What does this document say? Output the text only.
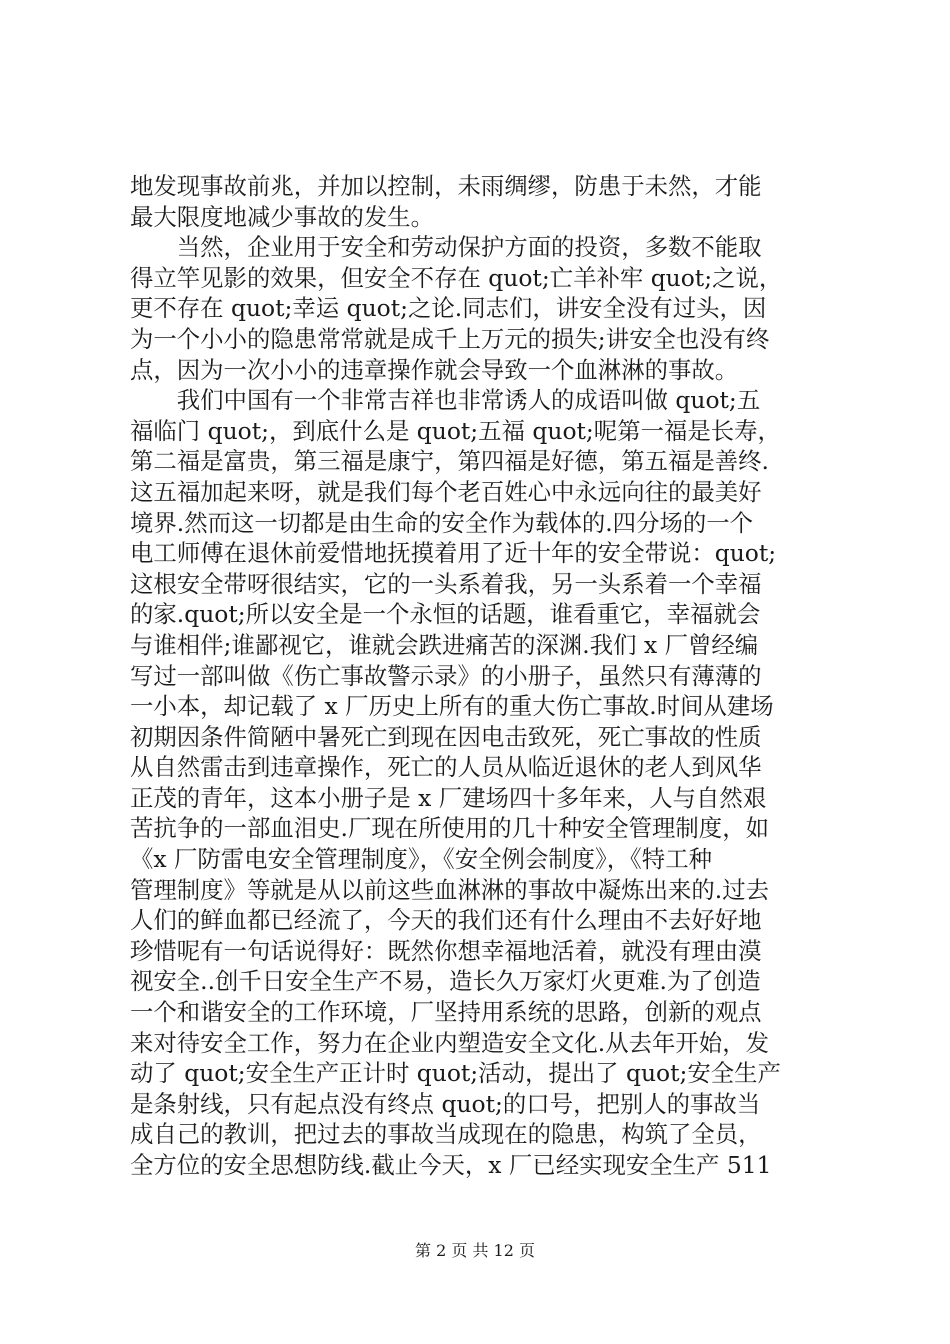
地发现事故前兆，并加以控制，未雨绸缪，防患于未然，才能
最大限度地减少事故的发生。
　　当然，企业用于安全和劳动保护方面的投资，多数不能取
得立竿见影的效果，但安全不存在 quot;亡羊补牢 quot;之说，
更不存在 quot;幸运 quot;之论.同志们，讲安全没有过头，因
为一个小小的隐患常常就是成千上万元的损失;讲安全也没有终
点，因为一次小小的违章操作就会导致一个血淋淋的事故。
　　我们中国有一个非常吉祥也非常诱人的成语叫做 quot;五
福临门 quot;，到底什么是 quot;五福 quot;呢第一福是长寿，
第二福是富贵，第三福是康宁，第四福是好德，第五福是善终.
这五福加起来呀，就是我们每个老百姓心中永远向往的最美好
境界.然而这一切都是由生命的安全作为载体的.四分场的一个
电工师傅在退休前爱惜地抚摸着用了近十年的安全带说：quot;
这根安全带呀很结实，它的一头系着我，另一头系着一个幸福
的家.quot;所以安全是一个永恒的话题，谁看重它，幸福就会
与谁相伴;谁鄙视它，谁就会跌进痛苦的深渊.我们 x 厂曾经编
写过一部叫做《伤亡事故警示录》的小册子，虽然只有薄薄的
一小本，却记载了 x 厂历史上所有的重大伤亡事故.时间从建场
初期因条件简陋中暑死亡到现在因电击致死，死亡事故的性质
从自然雷击到违章操作，死亡的人员从临近退休的老人到风华
正茂的青年，这本小册子是 x 厂建场四十多年来，人与自然艰
苦抗争的一部血泪史.厂现在所使用的几十种安全管理制度，如
《x 厂防雷电安全管理制度》，《安全例会制度》，《特工种
管理制度》等就是从以前这些血淋淋的事故中凝炼出来的.过去
人们的鲜血都已经流了，今天的我们还有什么理由不去好好地
珍惜呢有一句话说得好：既然你想幸福地活着，就没有理由漠
视安全..创千日安全生产不易，造长久万家灯火更难.为了创造
一个和谐安全的工作环境，厂坚持用系统的思路，创新的观点
来对待安全工作，努力在企业内塑造安全文化.从去年开始，发
动了 quot;安全生产正计时 quot;活动，提出了 quot;安全生产
是条射线，只有起点没有终点 quot;的口号，把别人的事故当
成自己的教训，把过去的事故当成现在的隐患，构筑了全员，
全方位的安全思想防线.截止今天，x 厂已经实现安全生产 511
第 2 页 共 12 页
